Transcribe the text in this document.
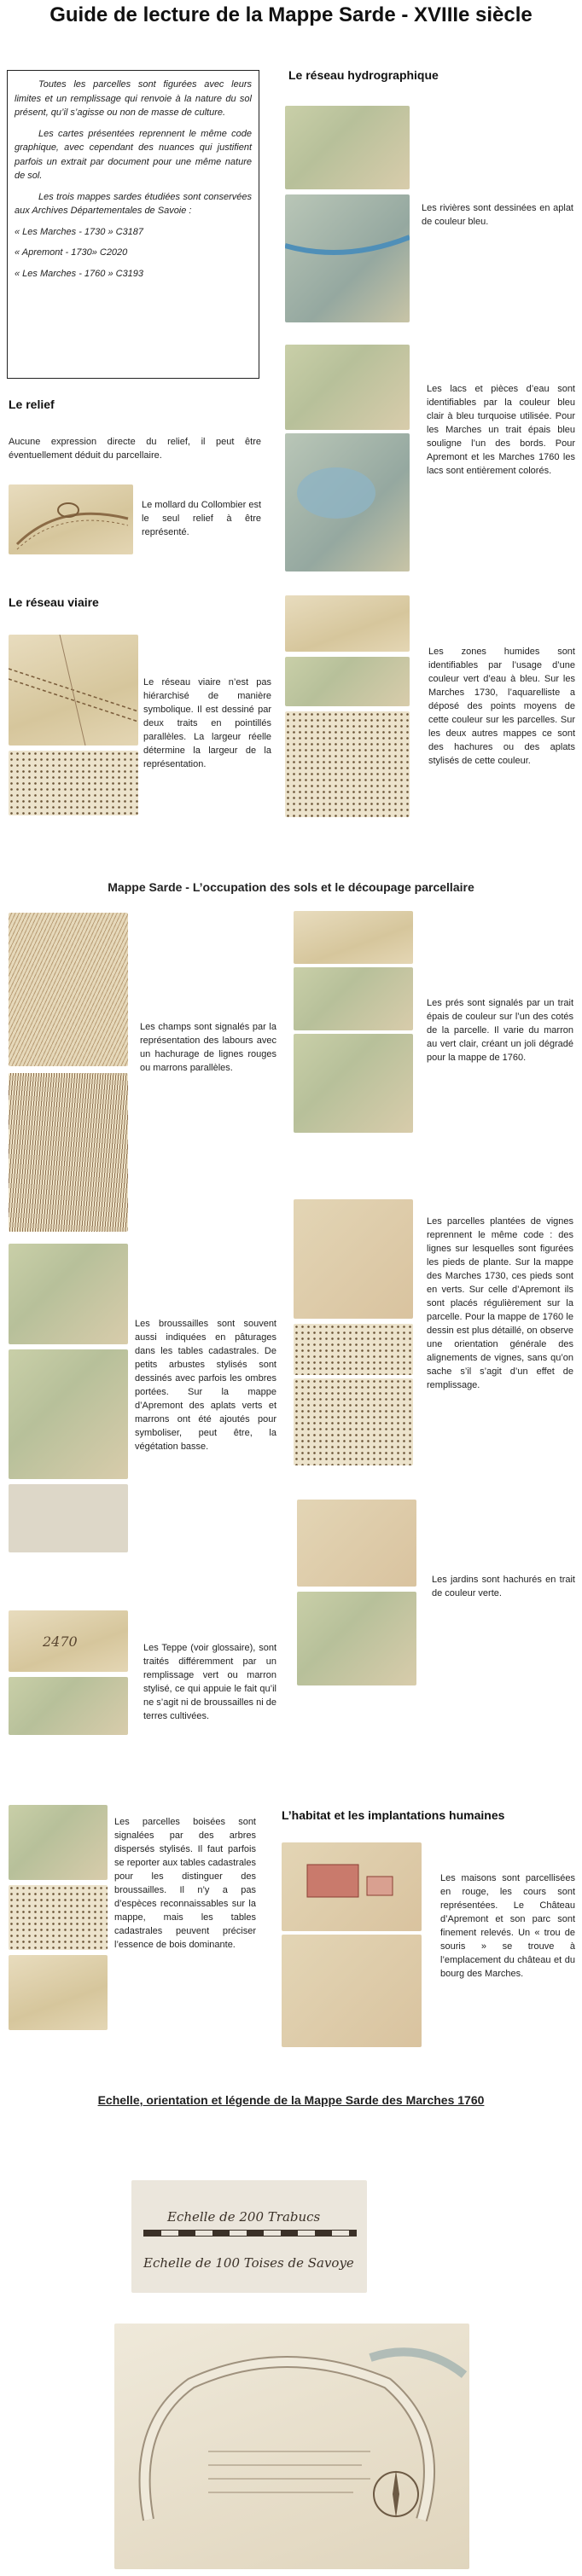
Guide de lecture de la Mappe Sarde - XVIIIe siècle

Toutes les parcelles sont figurées avec leurs limites et un remplissage qui renvoie à la nature du sol présent, qu’il s’agisse ou non de masse de culture.

Les cartes présentées reprennent le même code graphique, avec cependant des nuances qui justifient parfois un extrait par document pour une même nature de sol.

Les trois mappes sardes étudiées sont conservées aux Archives Départementales de Savoie :

« Les Marches - 1730 » C3187

« Apremont - 1730» C2020

« Les Marches - 1760 » C3193

Le relief
Aucune expression directe du relief, il peut être éventuellement déduit du parcellaire.
Le mollard du Collombier est le seul relief à être représenté.
Le réseau viaire
Le réseau viaire n’est pas hiérarchisé de manière symbolique. Il est dessiné par deux traits en pointillés parallèles. La largeur réelle détermine la largeur de la représentation.
Le réseau hydrographique
Les rivières sont dessinées en aplat de couleur bleu.
Les lacs et pièces d’eau sont identifiables par la couleur bleu clair à bleu turquoise utilisée. Pour les Marches un trait épais bleu souligne l’un des bords. Pour Apremont et les Marches 1760 les lacs sont entièrement colorés.
Les zones humides sont identifiables par l’usage d’une couleur vert d’eau à bleu. Sur les Marches 1730, l’aquarelliste a déposé des points moyens de cette couleur sur les parcelles. Sur les deux autres mappes ce sont des hachures ou des aplats stylisés de cette couleur.
Mappe Sarde - L’occupation des sols et le découpage parcellaire
Les champs sont signalés par la représentation des labours avec un hachurage de lignes rouges ou marrons parallèles.
Les prés sont signalés par un trait épais de couleur sur l’un des cotés de la parcelle. Il varie du marron au vert clair, créant un joli dégradé pour la mappe de 1760.
Les parcelles plantées de vignes reprennent le même code : des lignes sur lesquelles sont figurées les pieds de plante. Sur la mappe des Marches 1730, ces pieds sont en verts. Sur celle d’Apremont ils sont placés régulièrement sur la parcelle. Pour la mappe de 1760 le dessin est plus détaillé, on observe une orientation générale des alignements de vignes, sans qu’on sache s’il s’agit d’un effet de remplissage.
Les broussailles sont souvent aussi indiquées en pâturages dans les tables cadastrales. De petits arbustes stylisés sont dessinés avec parfois les ombres portées. Sur la mappe d’Apremont des aplats verts et marrons ont été ajoutés pour symboliser, peut être, la végétation basse.
Les jardins sont hachurés en trait de couleur verte.
2470	Les Teppe (voir glossaire), sont traités différemment par un remplissage vert ou marron stylisé, ce qui appuie le fait qu’il ne s’agit ni de broussailles ni de terres cultivées.
Les parcelles boisées sont signalées par des arbres dispersés stylisés. Il faut parfois se reporter aux tables cadastrales pour les distinguer des broussailles. Il n’y a pas d’espèces reconnaissables sur la mappe, mais les tables cadastrales peuvent préciser l’essence de bois dominante.
L’habitat et les implantations humaines
Les maisons sont parcellisées en rouge, les cours sont représentées. Le Château d’Apremont et son parc sont finement relevés. Un « trou de souris » se trouve à l’emplacement du château et du bourg des Marches.
Echelle, orientation et légende de la Mappe Sarde des Marches 1760
Echelle de 200 Trabucs
Echelle de 100 Toises de Savoye
